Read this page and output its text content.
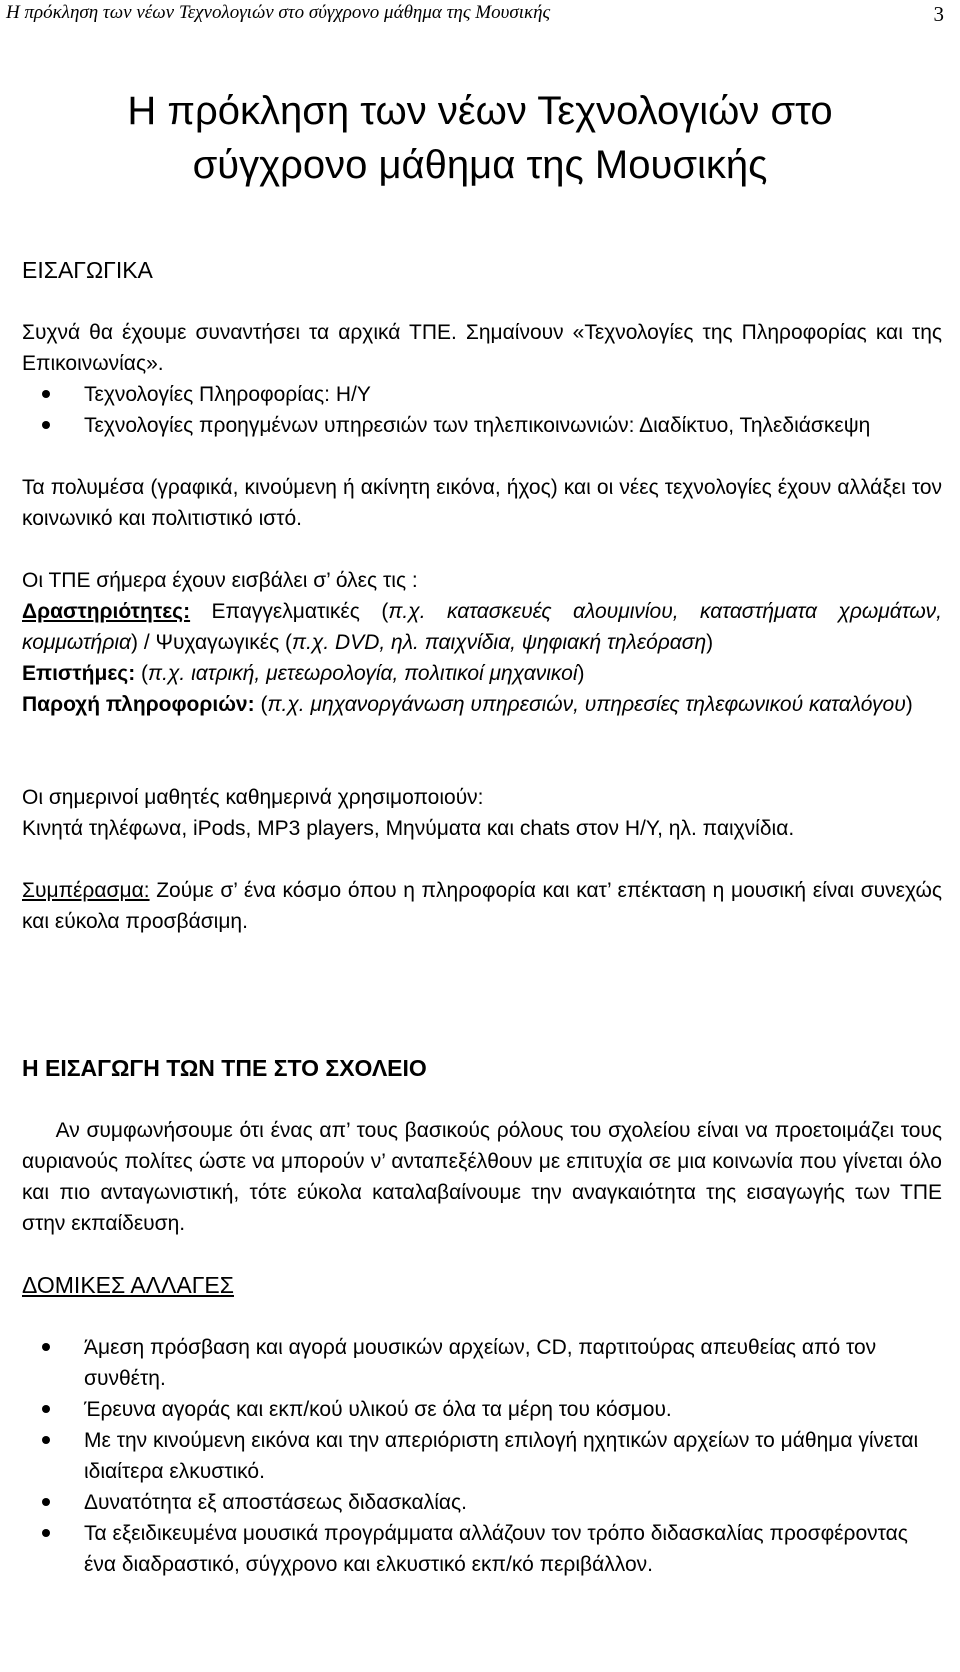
Η πρόκληση των νέων Τεχνολογιών στο σύγχρονο μάθημα της Μουσικής	3
Η πρόκληση των νέων Τεχνολογιών στο
σύγχρονο μάθημα της Μουσικής

ΕΙΣΑΓΩΓΙΚΑ

Συχνά θα έχουμε συναντήσει τα αρχικά ΤΠΕ. Σημαίνουν «Τεχνολογίες της Πληροφορίας και της Επικοινωνίας».

Τεχνολογίες Πληροφορίας: Η/Υ

Τεχνολογίες προηγμένων υπηρεσιών των τηλεπικοινωνιών: Διαδίκτυο, Τηλεδιάσκεψη

Τα πολυμέσα (γραφικά, κινούμενη ή ακίνητη εικόνα, ήχος) και οι νέες τεχνολογίες έχουν αλλάξει τον κοινωνικό και πολιτιστικό ιστό.

Οι ΤΠΕ σήμερα έχουν εισβάλει σ’ όλες τις :

Δραστηριότητες: Επαγγελματικές (π.χ. κατασκευές αλουμινίου, καταστήματα χρωμάτων, κομμωτήρια) / Ψυχαγωγικές (π.χ. DVD, ηλ. παιχνίδια, ψηφιακή τηλεόραση)

Επιστήμες: (π.χ. ιατρική, μετεωρολογία, πολιτικοί μηχανικοί)

Παροχή πληροφοριών: (π.χ. μηχανοργάνωση υπηρεσιών, υπηρεσίες τηλεφωνικού καταλόγου)

Οι σημερινοί μαθητές καθημερινά χρησιμοποιούν:

Κινητά τηλέφωνα, iPods, MP3 players, Μηνύματα και chats στον Η/Υ, ηλ. παιχνίδια.

Συμπέρασμα: Ζούμε σ’ ένα κόσμο όπου η πληροφορία και κατ’ επέκταση η μουσική είναι συνεχώς και εύκολα προσβάσιμη.

Η ΕΙΣΑΓΩΓΗ ΤΩΝ ΤΠΕ ΣΤΟ ΣΧΟΛΕΙΟ

Αν συμφωνήσουμε ότι ένας απ’ τους βασικούς ρόλους του σχολείου είναι να προετοιμάζει τους αυριανούς πολίτες ώστε να μπορούν ν’ ανταπεξέλθουν με επιτυχία σε μια κοινωνία που γίνεται όλο και πιο ανταγωνιστική, τότε εύκολα καταλαβαίνουμε την αναγκαιότητα της εισαγωγής των ΤΠΕ στην εκπαίδευση.

ΔΟΜΙΚΕΣ ΑΛΛΑΓΕΣ

Άμεση πρόσβαση και αγορά μουσικών αρχείων, CD, παρτιτούρας απευθείας από τον συνθέτη.

Έρευνα αγοράς και εκπ/κού υλικού σε όλα τα μέρη του κόσμου.

Με την κινούμενη εικόνα και την απεριόριστη επιλογή ηχητικών αρχείων το μάθημα γίνεται ιδιαίτερα ελκυστικό.

Δυνατότητα εξ αποστάσεως διδασκαλίας.

Τα εξειδικευμένα μουσικά προγράμματα αλλάζουν τον τρόπο διδασκαλίας προσφέροντας ένα διαδραστικό, σύγχρονο και ελκυστικό εκπ/κό περιβάλλον.
